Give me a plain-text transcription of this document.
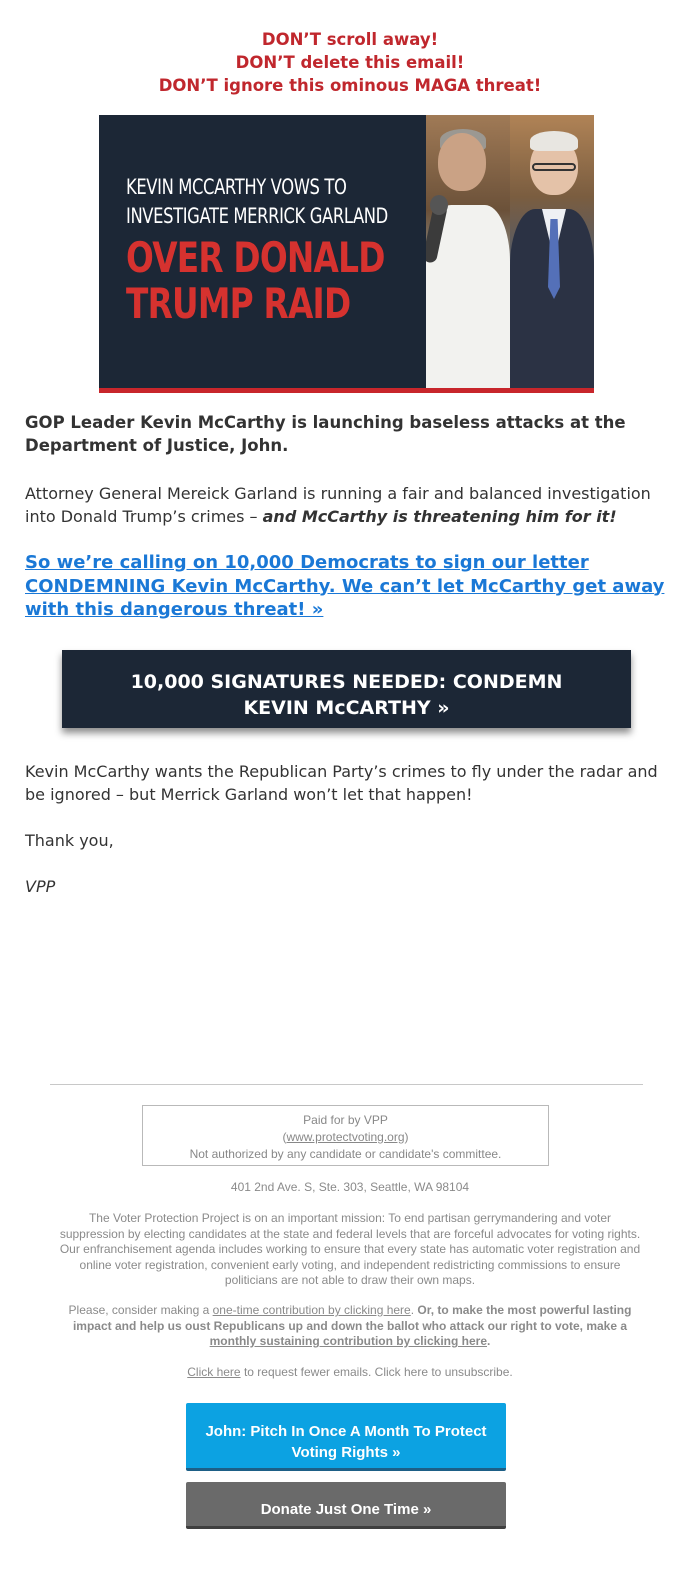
DON’T scroll away!
DON’T delete this email!
DON’T ignore this ominous MAGA threat!
KEVIN MCCARTHY VOWS TO
INVESTIGATE MERRICK GARLAND
OVER DONALD
TRUMP RAID
GOP Leader Kevin McCarthy is launching baseless attacks at the Department of Justice, John.
Attorney General Mereick Garland is running a fair and balanced investigation into Donald Trump’s crimes – and McCarthy is threatening him for it!
So we’re calling on 10,000 Democrats to sign our letter CONDEMNING Kevin McCarthy. We can’t let McCarthy get away with this dangerous threat! »
10,000 SIGNATURES NEEDED: CONDEMN KEVIN McCARTHY »
Kevin McCarthy wants the Republican Party’s crimes to fly under the radar and be ignored – but Merrick Garland won’t let that happen!
Thank you,
VPP
Paid for by VPP
(www.protectvoting.org)
Not authorized by any candidate or candidate's committee.
401 2nd Ave. S, Ste. 303, Seattle, WA 98104
The Voter Protection Project is on an important mission: To end partisan gerrymandering and voter suppression by electing candidates at the state and federal levels that are forceful advocates for voting rights. Our enfranchisement agenda includes working to ensure that every state has automatic voter registration and online voter registration, convenient early voting, and independent redistricting commissions to ensure politicians are not able to draw their own maps.
Please, consider making a one-time contribution by clicking here. Or, to make the most powerful lasting impact and help us oust Republicans up and down the ballot who attack our right to vote, make a monthly sustaining contribution by clicking here.
Click here to request fewer emails. Click here to unsubscribe.
John: Pitch In Once A Month To Protect Voting Rights »
Donate Just One Time »
